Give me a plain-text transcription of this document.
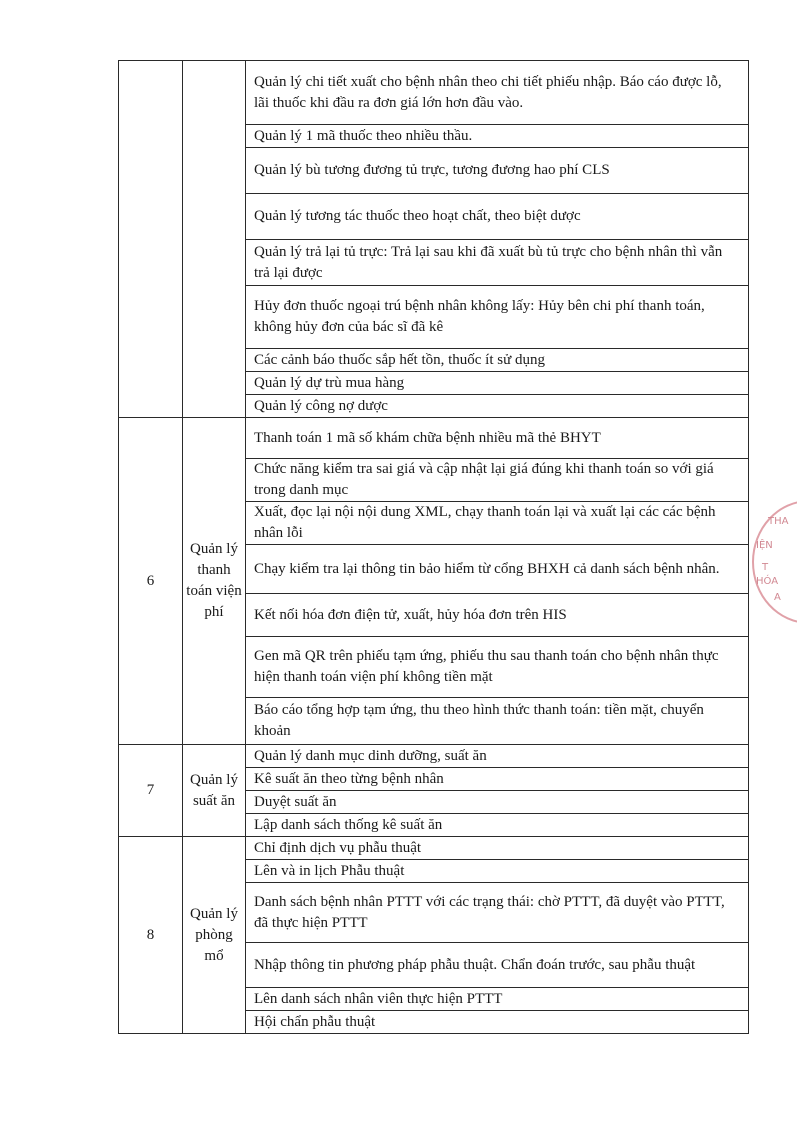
		Quản lý chi tiết xuất cho bệnh nhân theo chi tiết phiếu nhập. Báo cáo được lỗ, lãi thuốc khi đầu ra đơn giá lớn hơn đầu vào.
		Quản lý 1 mã thuốc theo nhiều thầu.
		Quản lý bù tương đương tủ trực, tương đương hao phí CLS
		Quản lý tương tác thuốc theo hoạt chất, theo biệt dược
		Quản lý trả lại tủ trực: Trả lại sau khi đã xuất bù tủ trực cho bệnh nhân thì vẫn trả lại được
		Hủy đơn thuốc ngoại trú bệnh nhân không lấy: Hủy bên chi phí thanh toán, không hủy đơn của bác sĩ đã kê
		Các cảnh báo thuốc sắp hết tồn, thuốc ít sử dụng
		Quản lý dự trù mua hàng
		Quản lý công nợ dược
6	Quản lý thanh toán viện phí	Thanh toán 1 mã số khám chữa bệnh nhiều mã thẻ BHYT
		Chức năng kiểm tra sai giá và cập nhật lại giá đúng khi thanh toán so với giá trong danh mục
		Xuất, đọc lại nội nội dung XML, chạy thanh toán lại và xuất lại các các bệnh nhân lỗi
		Chạy kiểm tra lại thông tin bảo hiểm từ cổng BHXH cả danh sách bệnh nhân.
		Kết nối hóa đơn điện tử, xuất, hủy hóa đơn trên HIS
		Gen mã QR trên phiếu tạm ứng, phiếu thu sau thanh toán cho bệnh nhân thực hiện thanh toán viện phí không tiền mặt
		Báo cáo tổng hợp tạm ứng, thu theo hình thức thanh toán: tiền mặt, chuyển khoản
7	Quản lý suất ăn	Quản lý danh mục dinh dưỡng, suất ăn
		Kê suất ăn theo từng bệnh nhân
		Duyệt suất ăn
		Lập danh sách thống kê suất ăn
8	Quản lý phòng mổ	Chỉ định dịch vụ phẫu thuật
		Lên và in lịch Phẫu thuật
		Danh sách bệnh nhân PTTT với các trạng thái: chờ PTTT, đã duyệt vào PTTT, đã thực hiện PTTT
		Nhập thông tin phương pháp phẫu thuật. Chẩn đoán trước, sau phẫu thuật
		Lên danh sách nhân viên thực hiện PTTT
		Hội chẩn phẫu thuật
THA
IỆN
T
HÓA
A
